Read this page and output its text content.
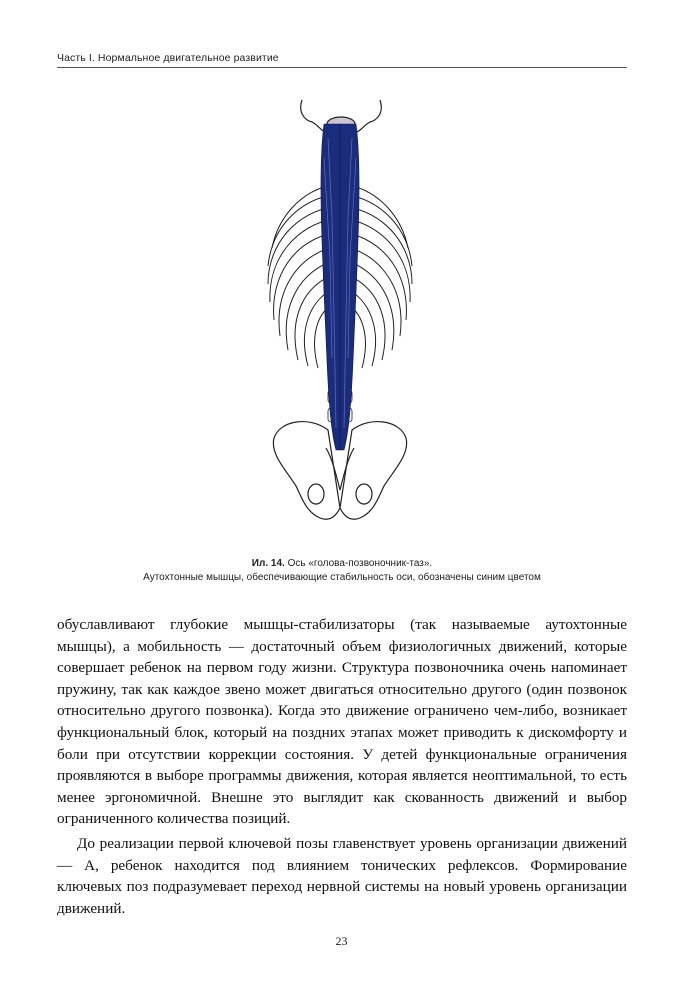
Часть I. Нормальное двигательное развитие
Ил. 14. Ось «голова-позвоночник-таз».
Аутохтонные мышцы, обеспечивающие стабильность оси, обозначены синим цветом

обуславливают глубокие мышцы-стабилизаторы (так называемые аутохтонные мышцы), а мобильность — достаточный объем физиологичных движений, которые совершает ребенок на первом году жизни. Структура позвоночника очень напоминает пружину, так как каждое звено может двигаться относительно другого (один позвонок относительно другого позвонка). Когда это движение ограничено чем-либо, возникает функциональный блок, который на поздних этапах может приводить к дискомфорту и боли при отсутствии коррекции состояния. У детей функциональные ограничения проявляются в выборе программы движения, которая является неоптимальной, то есть менее эргономичной. Внешне это выглядит как скованность движений и выбор ограниченного количества позиций.

До реализации первой ключевой позы главенствует уровень организации движений — А, ребенок находится под влиянием тонических рефлексов. Формирование ключевых поз подразумевает переход нервной системы на новый уровень организации движений.

23
